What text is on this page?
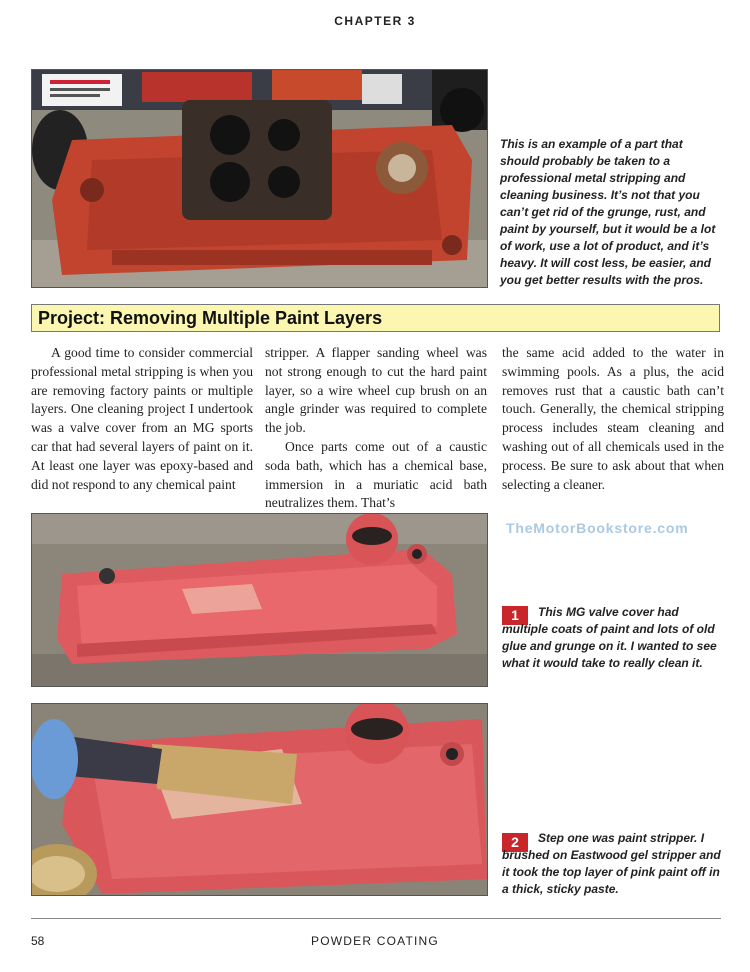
CHAPTER 3
This is an example of a part that should probably be taken to a professional metal stripping and cleaning business. It’s not that you can’t get rid of the grunge, rust, and paint by yourself, but it would be a lot of work, use a lot of product, and it’s heavy. It will cost less, be easier, and you get better results with the pros.
Project: Removing Multiple Paint Layers

A good time to consider commercial professional metal stripping is when you are removing factory paints or multiple layers. One cleaning project I undertook was a valve cover from an MG sports car that had several layers of paint on it. At least one layer was epoxy-based and did not respond to any chemical paint

stripper. A flapper sanding wheel was not strong enough to cut the hard paint layer, so a wire wheel cup brush on an angle grinder was required to complete the job.

Once parts come out of a caustic soda bath, which has a chemical base, immersion in a muriatic acid bath neutralizes them. That’s

the same acid added to the water in swimming pools. As a plus, the acid removes rust that a caustic bath can’t touch. Generally, the chemical stripping process includes steam cleaning and washing out of all chemicals used in the process. Be sure to ask about that when selecting a cleaner.

TheMotorBookstore.com
1	This MG valve cover had multiple coats of paint and lots of old glue and grunge on it. I wanted to see what it would take to really clean it.
2	Step one was paint stripper. I brushed on Eastwood gel stripper and it took the top layer of pink paint off in a thick, sticky paste.
58	POWDER COATING
